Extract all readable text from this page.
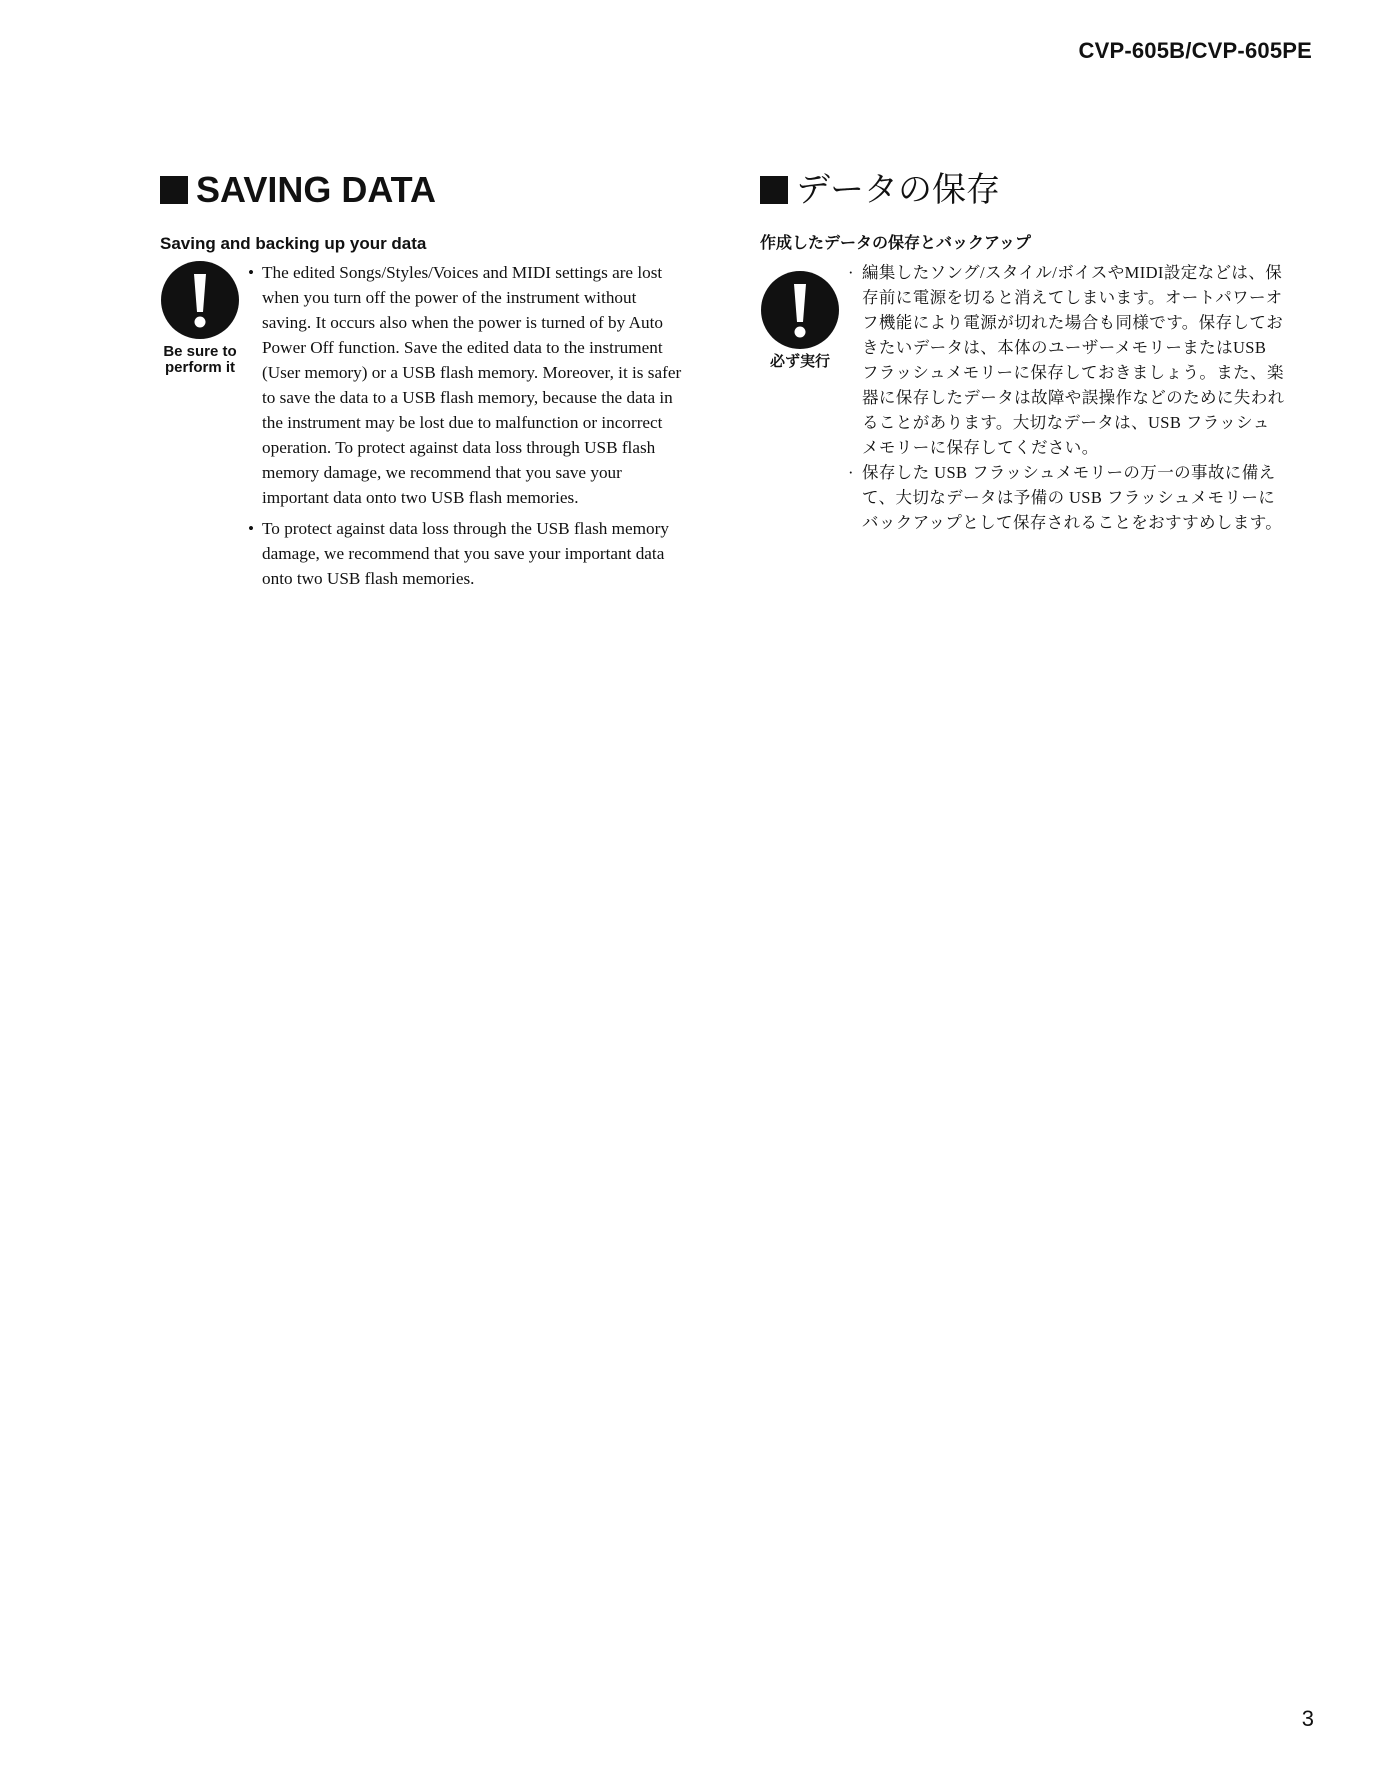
CVP-605B/CVP-605PE
SAVING DATA
Saving and backing up your data
Be sure to perform it
• The edited Songs/Styles/Voices and MIDI settings are lost when you turn off the power of the instrument without saving. It occurs also when the power is turned of by Auto Power Off function. Save the edited data to the instrument (User memory) or a USB flash memory. Moreover, it is safer to save the data to a USB flash memory, because the data in the instrument may be lost due to malfunction or incorrect operation. To protect against data loss through USB flash memory damage, we recommend that you save your important data onto two USB flash memories.
• To protect against data loss through the USB flash memory damage, we recommend that you save your important data onto two USB flash memories.
データの保存
作成したデータの保存とバックアップ
必ず実行
· 編集したソング/スタイル/ボイスやMIDI設定などは、保存前に電源を切ると消えてしまいます。オートパワーオフ機能により電源が切れた場合も同様です。保存しておきたいデータは、本体のユーザーメモリーまたはUSB フラッシュメモリーに保存しておきましょう。また、楽器に保存したデータは故障や誤操作などのために失われることがあります。大切なデータは、USB フラッシュメモリーに保存してください。
· 保存した USB フラッシュメモリーの万一の事故に備えて、大切なデータは予備の USB フラッシュメモリーにバックアップとして保存されることをおすすめします。
3
